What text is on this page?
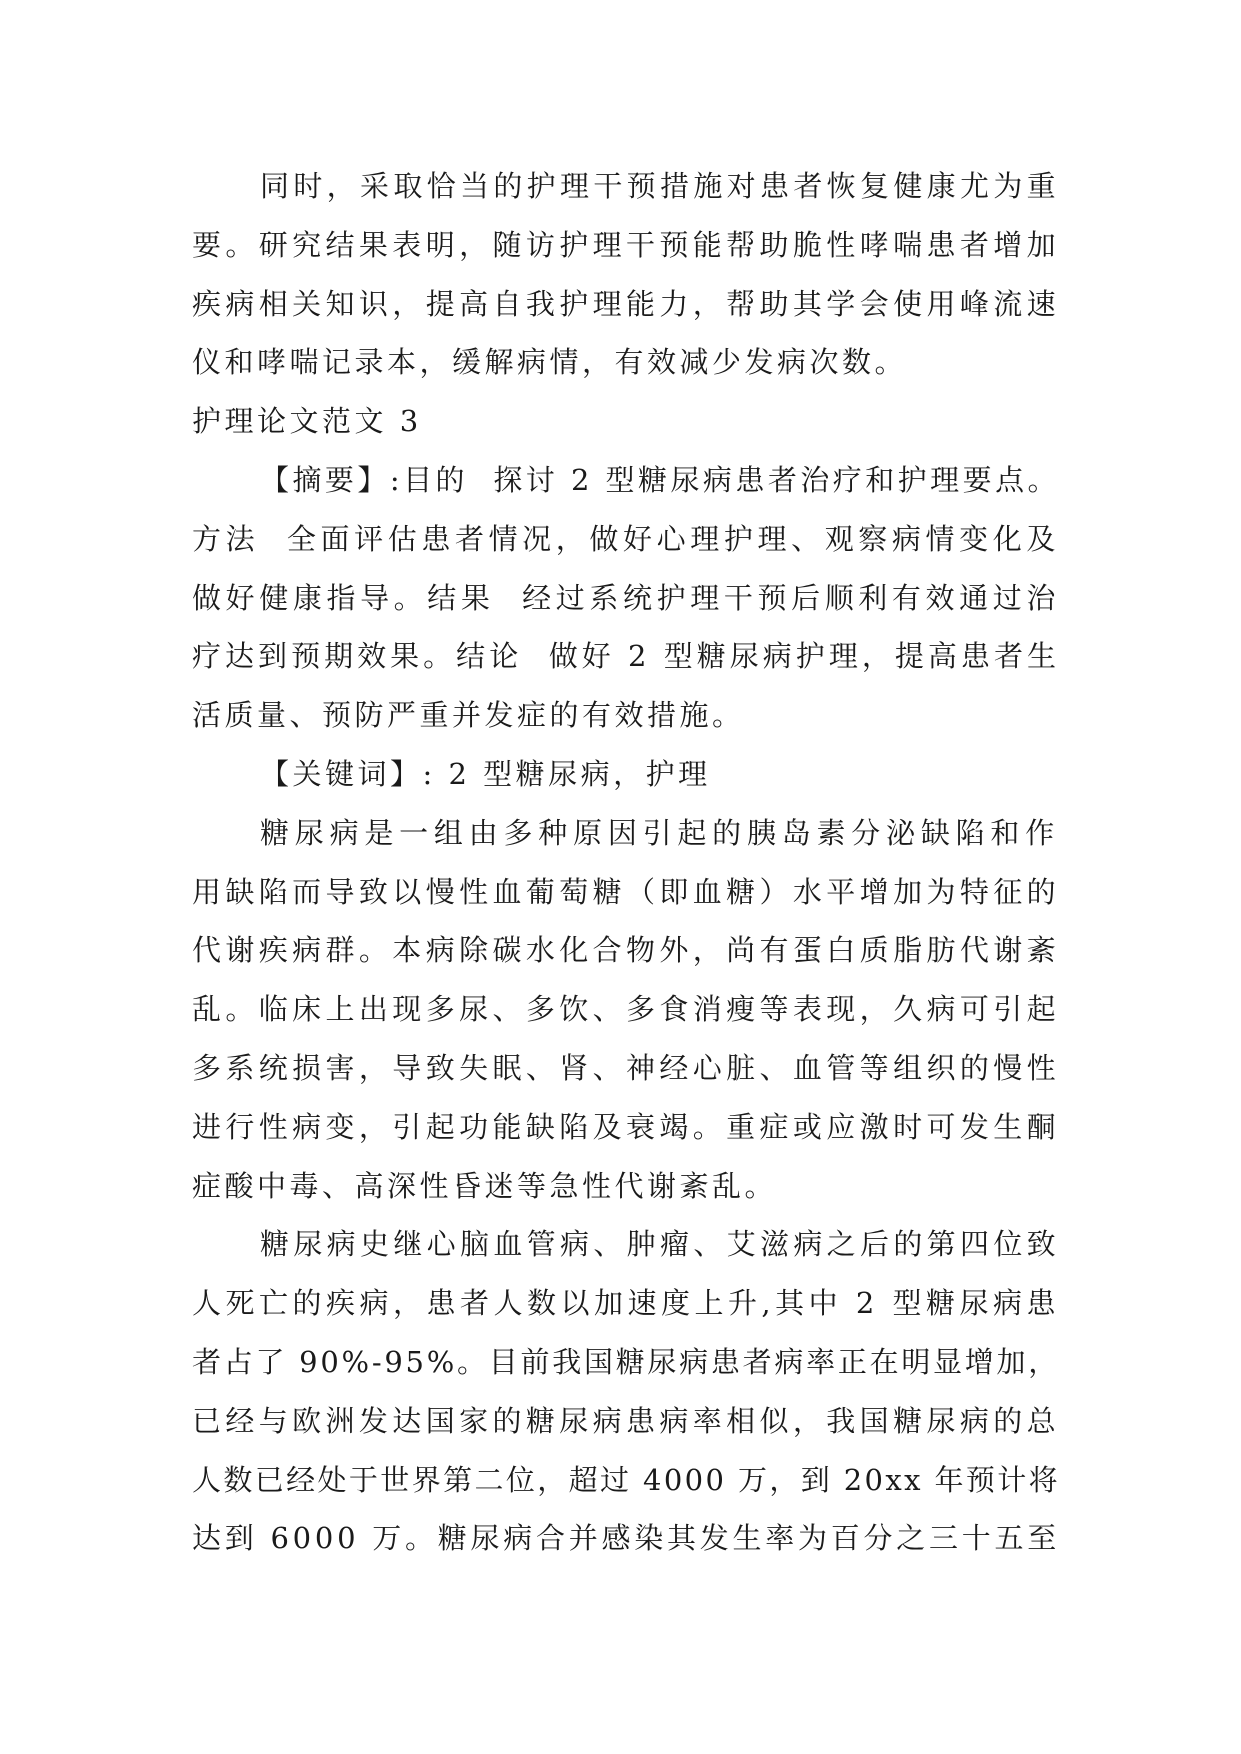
同时，采取恰当的护理干预措施对患者恢复健康尤为重
要。研究结果表明，随访护理干预能帮助脆性哮喘患者增加
疾病相关知识，提高自我护理能力，帮助其学会使用峰流速
仪和哮喘记录本，缓解病情，有效减少发病次数。
护理论文范文 3
【摘要】:目的  探讨 2 型糖尿病患者治疗和护理要点。
方法  全面评估患者情况，做好心理护理、观察病情变化及
做好健康指导。结果  经过系统护理干预后顺利有效通过治
疗达到预期效果。结论  做好 2 型糖尿病护理，提高患者生
活质量、预防严重并发症的有效措施。
【关键词】: 2 型糖尿病，护理
糖尿病是一组由多种原因引起的胰岛素分泌缺陷和作
用缺陷而导致以慢性血葡萄糖（即血糖）水平增加为特征的
代谢疾病群。本病除碳水化合物外，尚有蛋白质脂肪代谢紊
乱。临床上出现多尿、多饮、多食消瘦等表现，久病可引起
多系统损害，导致失眠、肾、神经心脏、血管等组织的慢性
进行性病变，引起功能缺陷及衰竭。重症或应激时可发生酮
症酸中毒、高深性昏迷等急性代谢紊乱。
糖尿病史继心脑血管病、肿瘤、艾滋病之后的第四位致
人死亡的疾病，患者人数以加速度上升,其中 2 型糖尿病患
者占了 90%-95%。目前我国糖尿病患者病率正在明显增加，
已经与欧洲发达国家的糖尿病患病率相似，我国糖尿病的总
人数已经处于世界第二位，超过 4000 万，到 20xx 年预计将
达到 6000 万。糖尿病合并感染其发生率为百分之三十五至
